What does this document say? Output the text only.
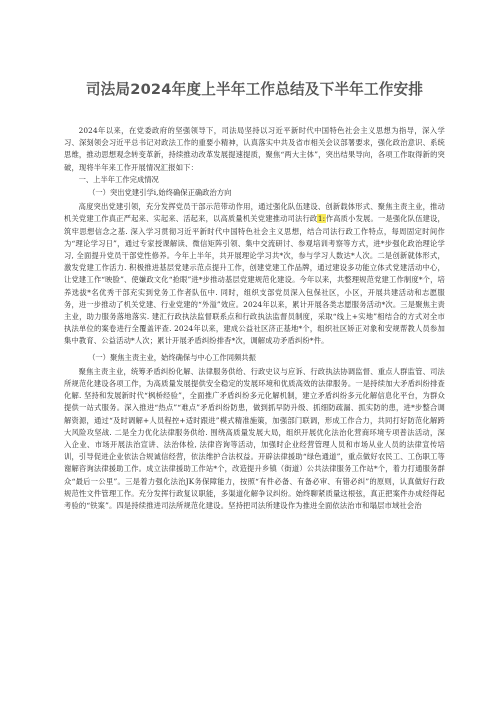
司法局2024年度上半年工作总结及下半年工作安排

2024年以来，在党委政府的坚强领导下，司法局坚持以习近平新时代中国特色社会主义思想为指导，深入学习、深刻领会习近平总书记对政法工作的重要小精神，认真落实中共及省市相关会议部署要求，强化政治意识、系统思维，推动思想观念转变革新，持续推动改革发展提速提质，聚焦“两大主体”，突出结果导向，各项工作取得新的突破，现将半年来工作开展情况汇报如下：

一、上半年工作完成情况

（一）突出党建引学i,始终确保正确政治方向

高度突出党建引领，充分发挥党员干部示范带动作用，通过强化队伍建设、创新载体形式、聚焦主责主业，推动机关党建工作真正严起来、实起来、活起来，以高质量机关党建推动司法行政1:作高质小发展。一是强化队伍建设，筑牢思想信念之基. 深入学习贯彻习近平新时代中国特色社会主义思想，结合司法行政工作特点，每周固定时间作为“理论学习日”，通过专家授课解读、微信矩阵引领、集中交流研讨、参观培训考察等方式，进*步强化政治理论学习, 全面提升党员干部党性修养。今年上半年，共开展理论学习共*次，参与学习人数达*人次。二是创新就体形式，激发党建工作活力. 积极推进基层党建示范点提升工作，创建党建工作品牌，通过建设多功能立体式党建活动中心，让党建工作“映脸”、使嫌政文化“抢眼”进*步推动基层党建规范化建设。今年以来，共整理规范党建工作制度*个，培养选拔*名优秀干部充实到党务工作者队伍中. 同时，组织支部党员深入包保社区，小区，开展共建活动和志愿服务，进一步推动了机关党建、行业党建的“外溢”效应。2024年以来，累计开展各类志愿服务活动*次。三是聚焦主责主业，助力服务落地落实. 建汇行政执法监督联系点和行政执法监督员制度，采取“线上+实地”相结合的方式对全市执法单位的案卷进行全覆盖评查. 2024年以来，建成公益社区济正基地*个，组织社区矫正对象和安规帮教人员参加集中教育、公益活动*人次；累计开展矛盾纠纷排杳*次，调解成功矛盾纠纷*件。

（一）聚焦主责主业，始终确保与中心工作同频共振

聚焦主责主业，统筹矛盾纠纷化解、法律服务供给、行政史议与应诉、行政执法协调监督、重点人群监管、司法所规范化建设各项工作，为高质量发展提供安全稳定的发展环境和优质高效的法律服务。一是持续加大矛盾纠纷排查化解. 坚持和发展新时代“枫桥经验”，全面推广矛盾纠纷多元化解机制，建立矛盾纠纷多元化解信息化平台，为群众提供一站式服务。深入推进“热点”“难点”矛盾纠纷防患，做到抓早防升级、抓细防疏漏、抓实防的患，进*步整合调解资源，通过“及时调解+人员程控+适时跟进”模式精准施策，加强部门联调，形成工作合力，共同打好防范化解跨大风险攻坚战. 二是全力优化法律服务供给. 围绕高质量发展大局，组织开展优化法治化营商环境专项普法活动，深入企业、市场开展法治宣讲、法治体检, 法律咨询等活动，加强时企业经营管理人员和市场从业人员的法律宣传培训，引导促进企业依法合规诚信经营，依法维护合法权益。开辟法律援助“绿色通道”，重点做好农民工、工伤职工等谢解咨询法律援助工作。成立法律援助工作站*个，改造提升乡镇（街道）公共法律服务工作站*个，着力打通服务群众“最后一公里”。三是着力强化法治JK务保障能力，按照“有件必备、有备必审、有错必纠”的原则，认真做好行政规范性文件管理工作。充分发挥行政复议职能，多渠道化解争议纠纷。始终聊紧质量这根弦，真正把案件办成经得起考验的“铁案”。四是持续推进司法所规范化建设。坚持把司法所建设作为推进全面依法治市和塌层市域社会治
